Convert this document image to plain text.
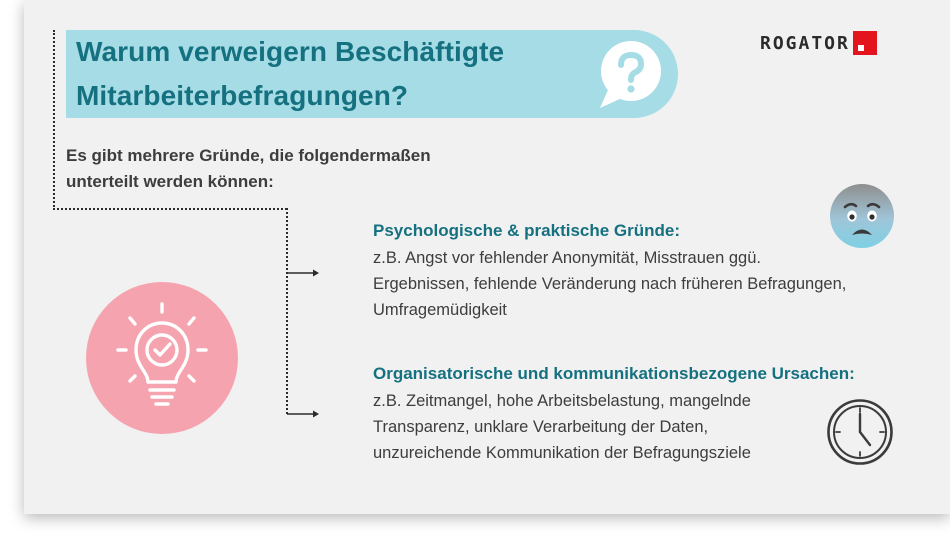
Warum verweigern Beschäftigte
Mitarbeiterbefragungen?
ROGATOR
Es gibt mehrere Gründe, die folgendermaßen
unterteilt werden können:
Psychologische & praktische Gründe:
z.B. Angst vor fehlender Anonymität, Misstrauen ggü.
Ergebnissen, fehlende Veränderung nach früheren Befragungen,
Umfragemüdigkeit
Organisatorische und kommunikationsbezogene Ursachen:
z.B. Zeitmangel, hohe Arbeitsbelastung, mangelnde
Transparenz, unklare Verarbeitung der Daten,
unzureichende Kommunikation der Befragungsziele
